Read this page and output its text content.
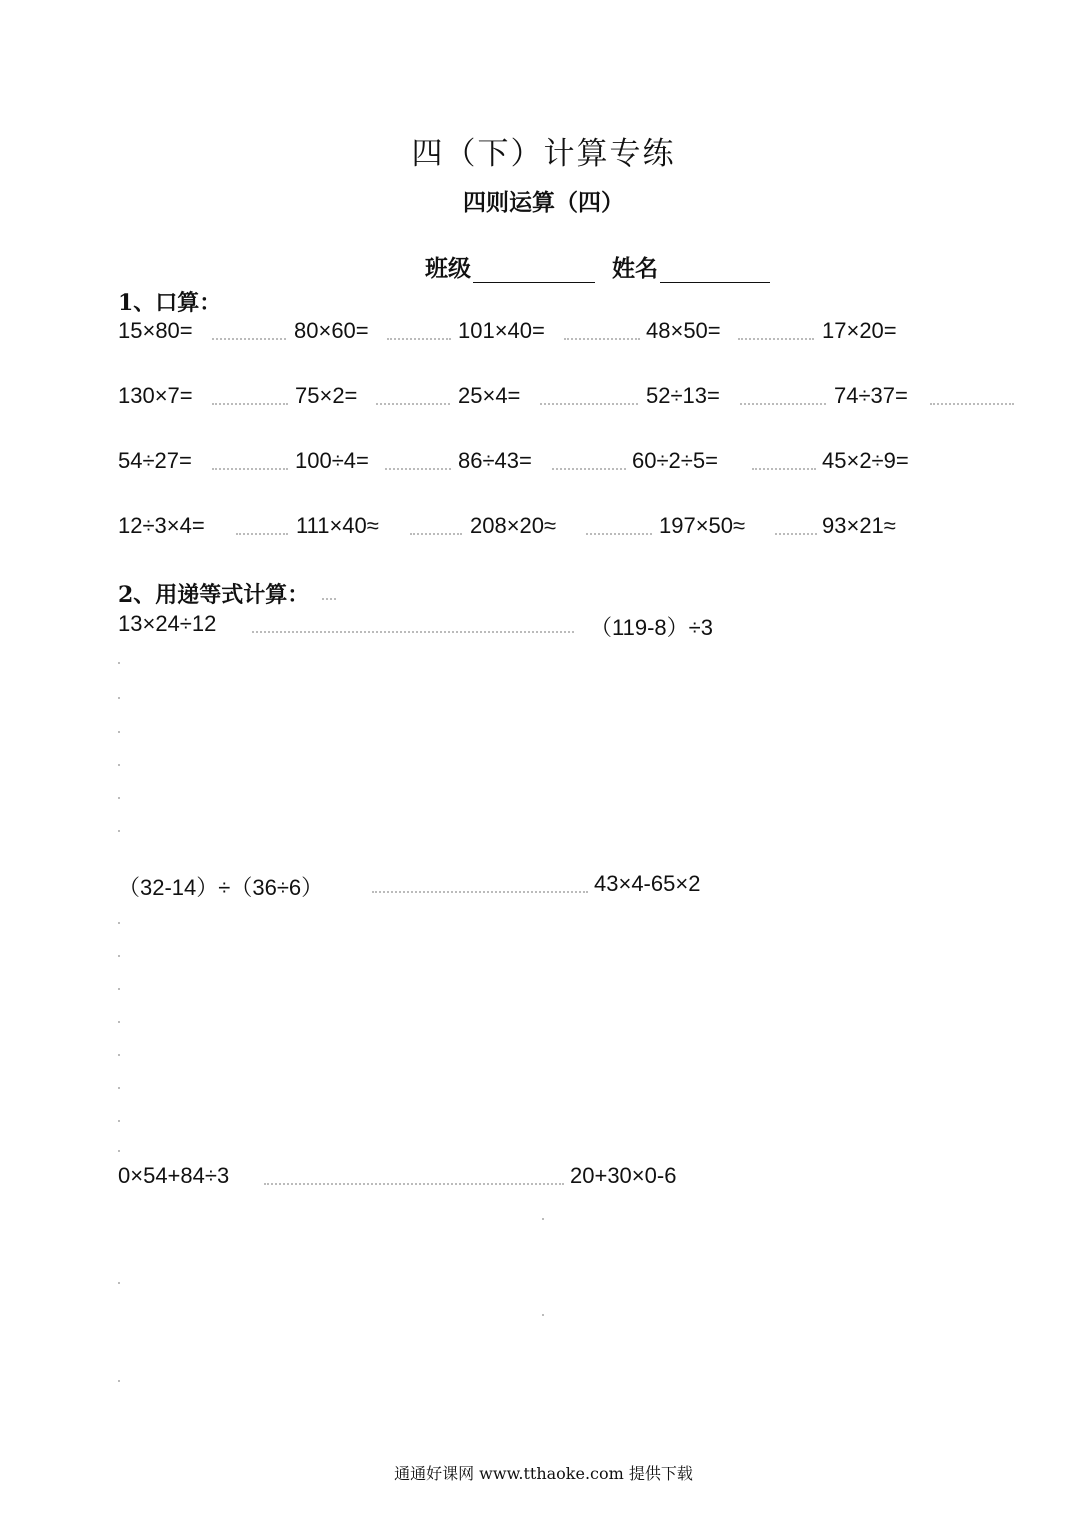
四（下）计算专练
四则运算（四）
班级	姓名
1、口算：
15×80=	80×60=	101×40=	48×50=	17×20=
130×7=	75×2=	25×4=	52÷13=	74÷37=
54÷27=	100÷4=	86÷43=	60÷2÷5=	45×2÷9=
12÷3×4=	111×40≈	208×20≈	197×50≈	93×21≈
2、用递等式计算：
13×24÷12	（119-8）÷3
（32-14）÷（36÷6）	43×4-65×2
0×54+84÷3	20+30×0-6
通通好课网 www.tthaoke.com 提供下载
